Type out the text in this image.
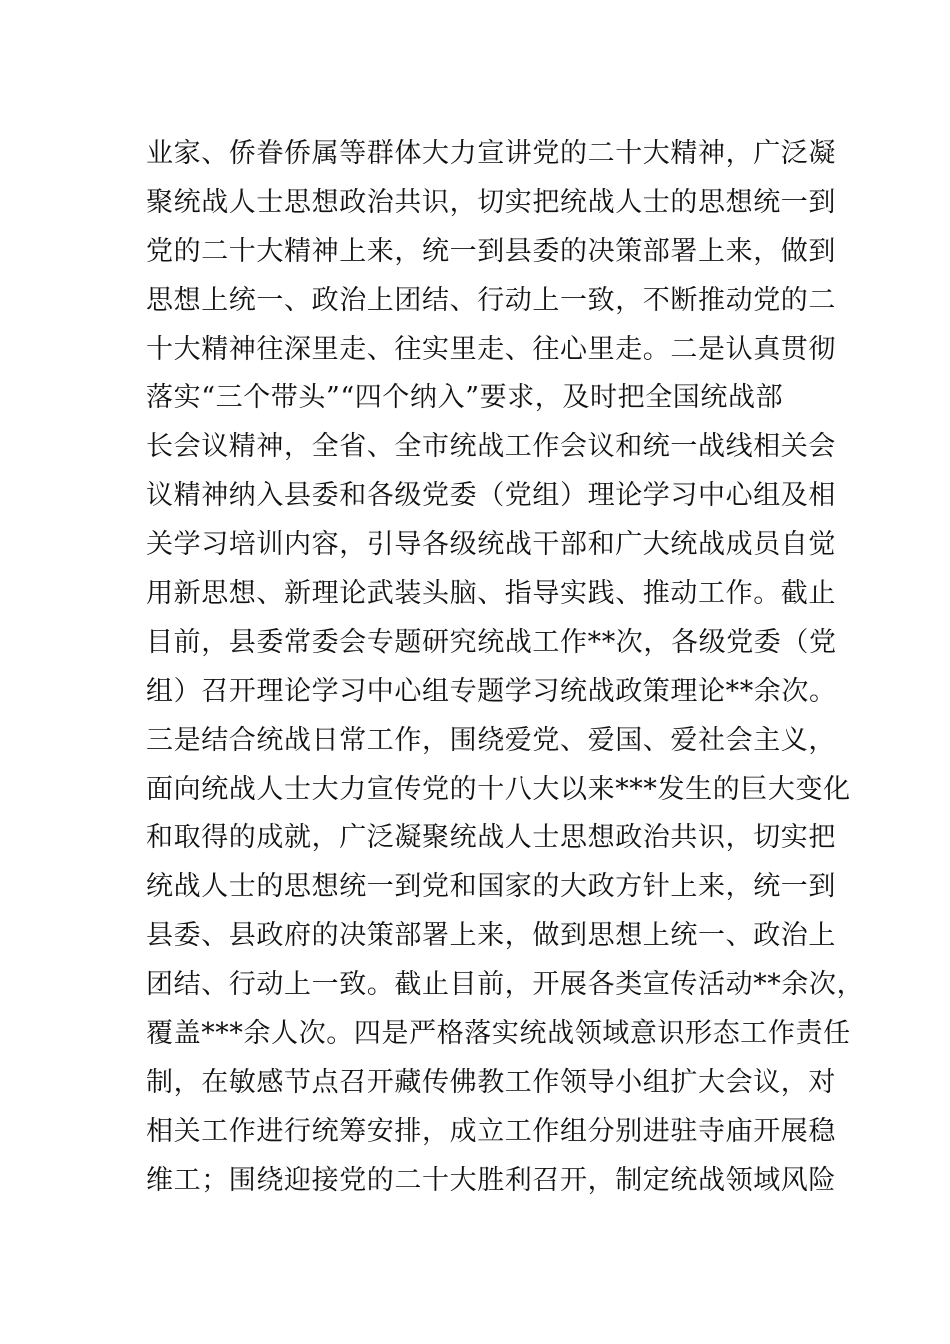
业家、侨眷侨属等群体大力宣讲党的二十大精神，广泛凝
聚统战人士思想政治共识，切实把统战人士的思想统一到
党的二十大精神上来，统一到县委的决策部署上来，做到
思想上统一、政治上团结、行动上一致，不断推动党的二
十大精神往深里走、往实里走、往心里走。二是认真贯彻
落实“三个带头”“四个纳入”要求，及时把全国统战部
长会议精神，全省、全市统战工作会议和统一战线相关会
议精神纳入县委和各级党委（党组）理论学习中心组及相
关学习培训内容，引导各级统战干部和广大统战成员自觉
用新思想、新理论武装头脑、指导实践、推动工作。截止
目前，县委常委会专题研究统战工作**次，各级党委（党
组）召开理论学习中心组专题学习统战政策理论**余次。
三是结合统战日常工作，围绕爱党、爱国、爱社会主义，
面向统战人士大力宣传党的十八大以来***发生的巨大变化
和取得的成就，广泛凝聚统战人士思想政治共识，切实把
统战人士的思想统一到党和国家的大政方针上来，统一到
县委、县政府的决策部署上来，做到思想上统一、政治上
团结、行动上一致。截止目前，开展各类宣传活动**余次，
覆盖***余人次。四是严格落实统战领域意识形态工作责任
制，在敏感节点召开藏传佛教工作领导小组扩大会议，对
相关工作进行统筹安排，成立工作组分别进驻寺庙开展稳
维工；围绕迎接党的二十大胜利召开，制定统战领域风险
